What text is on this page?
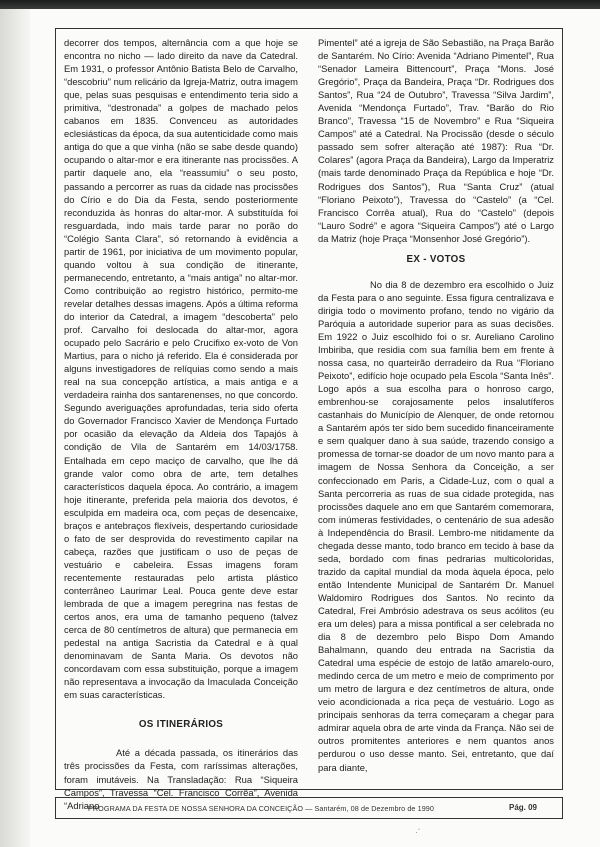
decorrer dos tempos, alternância com a que hoje se encontra no nicho — lado direito da nave da Catedral. Em 1931, o professor Antônio Batista Belo de Carvalho, “descobriu” num relicário da Igreja-Matriz, outra imagem que, pelas suas pesquisas e entendimento teria sido a primitiva, “destronada” a golpes de machado pelos cabanos em 1835. Convenceu as autoridades eclesiásticas da época, da sua autenticidade como mais antiga do que a que vinha (não se sabe desde quando) ocupando o altar-mor e era itinerante nas procissões. A partir daquele ano, ela “reassumiu” o seu posto, passando a percorrer as ruas da cidade nas procissões do Círio e do Dia da Festa, sendo posteriormente reconduzida às honras do altar-mor. A substituída foi resguardada, indo mais tarde parar no porão do “Colégio Santa Clara”, só retornando à evidência a partir de 1961, por iniciativa de um movimento popular, quando voltou à sua condição de itinerante, permanecendo, entretanto, a “mais antiga” no altar-mor. Como contribuição ao registro histórico, permito-me revelar detalhes dessas imagens. Após a última reforma do interior da Catedral, a imagem “descoberta” pelo prof. Carvalho foi deslocada do altar-mor, agora ocupado pelo Sacrário e pelo Crucifixo ex-voto de Von Martius, para o nicho já referido. Ela é considerada por alguns investigadores de relíquias como sendo a mais real na sua concepção artística, a mais antiga e a verdadeira rainha dos santarenenses, no que concordo. Segundo averiguações aprofundadas, teria sido oferta do Governador Francisco Xavier de Mendonça Furtado por ocasião da elevação da Aldeia dos Tapajós à condição de Vila de Santarém em 14/03/1758. Entalhada em cepo maciço de carvalho, que lhe dá grande valor como obra de arte, tem detalhes característicos daquela época. Ao contrário, a imagem hoje itinerante, preferida pela maioria dos devotos, é esculpida em madeira oca, com peças de desencaixe, braços e antebraços flexíveis, despertando curiosidade o fato de ser desprovida do revestimento capilar na cabeça, razões que justificam o uso de peças de vestuário e cabeleira. Essas imagens foram recentemente restauradas pelo artista plástico conterrâneo Laurimar Leal. Pouca gente deve estar lembrada de que a imagem peregrina nas festas de certos anos, era uma de tamanho pequeno (talvez cerca de 80 centímetros de altura) que permanecia em pedestal na antiga Sacristia da Catedral e à qual denominavam de Santa Maria. Os devotos não concordavam com essa substituição, porque a imagem não representava a invocação da Imaculada Conceição em suas características.

OS ITINERÁRIOS

Até a década passada, os itinerários das três procissões da Festa, com raríssimas alterações, foram imutáveis. Na Transladação: Rua “Siqueira Campos”, Travessa “Cel. Francisco Corrêa”, Avenida “Adriano

Pimentel” até a igreja de São Sebastião, na Praça Barão de Santarém. No Círio: Avenida “Adriano Pimentel”, Rua “Senador Lameira Bittencourt”, Praça “Mons. José Gregório”, Praça da Bandeira, Praça “Dr. Rodrigues dos Santos”, Rua “24 de Outubro”, Travessa “Silva Jardim”, Avenida “Mendonça Furtado”, Trav. “Barão do Rio Branco”, Travessa “15 de Novembro” e Rua “Siqueira Campos” até a Catedral. Na Procissão (desde o século passado sem sofrer alteração até 1987): Rua “Dr. Colares” (agora Praça da Bandeira), Largo da Imperatriz (mais tarde denominado Praça da República e hoje “Dr. Rodrigues dos Santos”), Rua “Santa Cruz” (atual “Floriano Peixoto”), Travessa do “Castelo” (a “Cel. Francisco Corrêa atual), Rua do “Castelo” (depois “Lauro Sodré” e agora “Siqueira Campos”) até o Largo da Matriz (hoje Praça “Monsenhor José Gregório”).

EX - VOTOS

No dia 8 de dezembro era escolhido o Juiz da Festa para o ano seguinte. Essa figura centralizava e dirigia todo o movimento profano, tendo no vigário da Paróquia a autoridade superior para as suas decisões. Em 1922 o Juiz escolhido foi o sr. Aureliano Carolino Imbiriba, que residia com sua família bem em frente à nossa casa, no quarteirão derradeiro da Rua “Floriano Peixoto”, edifício hoje ocupado pela Escola “Santa Inês”. Logo após a sua escolha para o honroso cargo, embrenhou-se corajosamente pelos insalutíferos castanhais do Município de Alenquer, de onde retornou a Santarém após ter sido bem sucedido financeiramente e sem qualquer dano à sua saúde, trazendo consigo a promessa de tornar-se doador de um novo manto para a imagem de Nossa Senhora da Conceição, a ser confeccionado em Paris, a Cidade-Luz, com o qual a Santa percorreria as ruas de sua cidade protegida, nas procissões daquele ano em que Santarém comemorara, com inúmeras festividades, o centenário de sua adesão à Independência do Brasil. Lembro-me nitidamente da chegada desse manto, todo branco em tecido à base da seda, bordado com finas pedrarias multicoloridas, trazido da capital mundial da moda àquela época, pelo então Intendente Municipal de Santarém Dr. Manuel Waldomiro Rodrigues dos Santos. No recinto da Catedral, Frei Ambrósio adestrava os seus acólitos (eu era um deles) para a missa pontifical a ser celebrada no dia 8 de dezembro pelo Bispo Dom Amando Bahalmann, quando deu entrada na Sacristia da Catedral uma espécie de estojo de latão amarelo-ouro, medindo cerca de um metro e meio de comprimento por um metro de largura e dez centímetros de altura, onde veio acondicionada a rica peça de vestuário. Logo as principais senhoras da terra começaram a chegar para admirar aquela obra de arte vinda da França. Não sei de outros promitentes anteriores e nem quantos anos perdurou o uso desse manto. Sei, entretanto, que daí para diante,

PROGRAMA DA FESTA DE NOSSA SENHORA DA CONCEIÇÃO — Santarém, 08 de Dezembro de 1990	Pág. 09
·ˊ
